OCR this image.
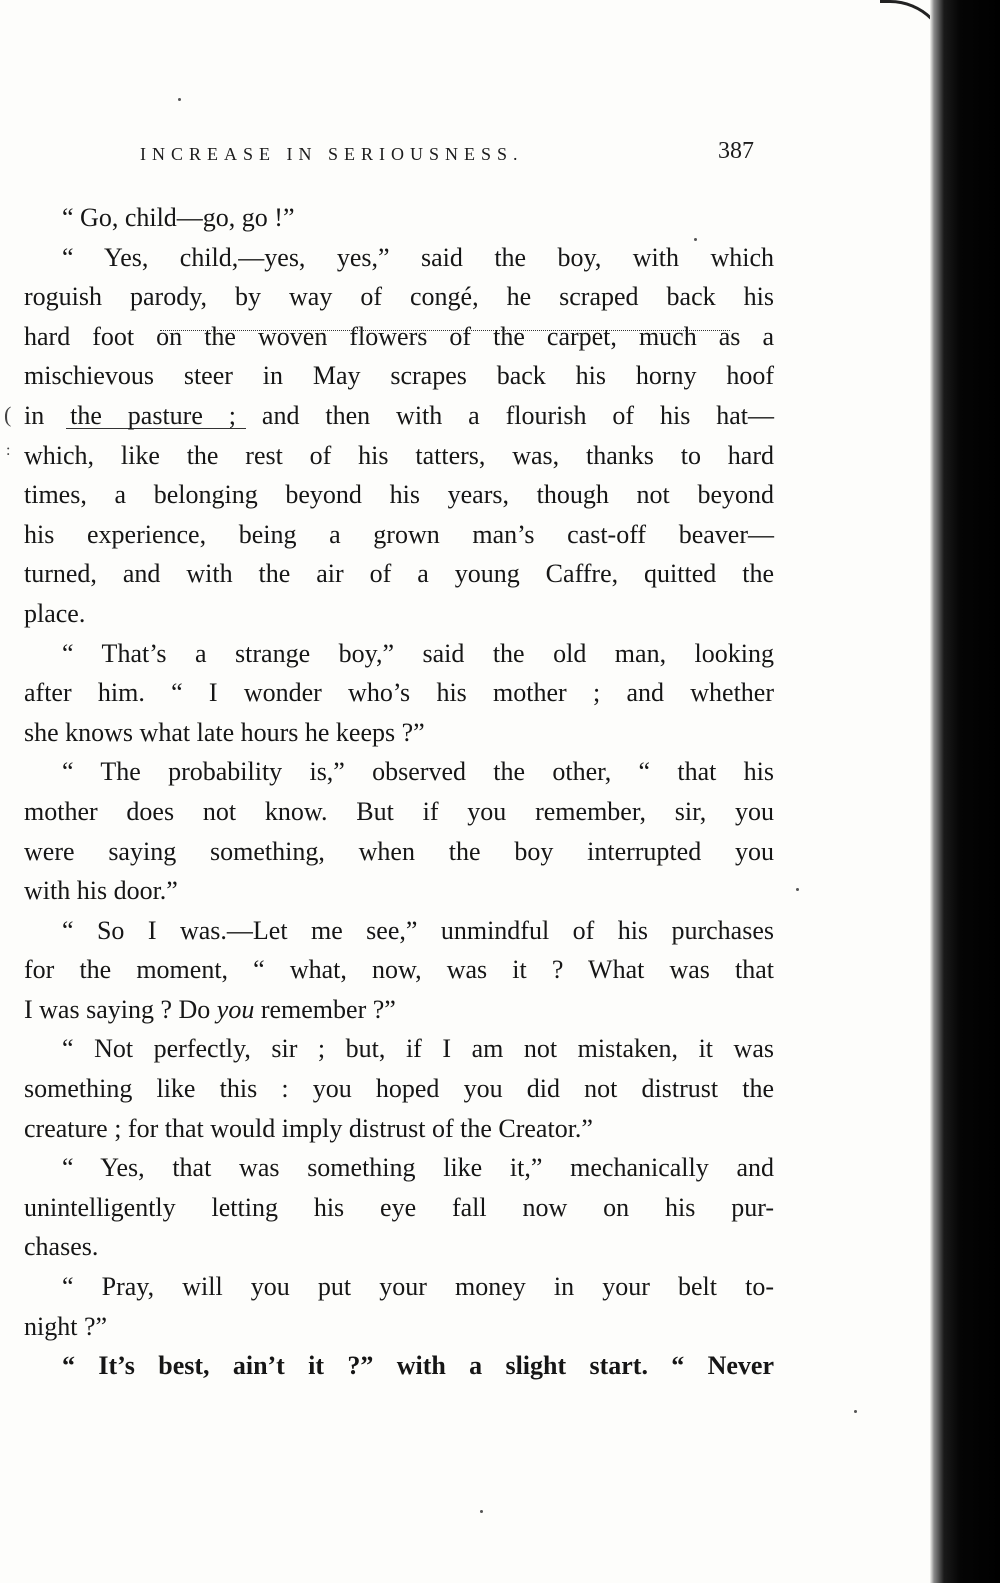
INCREASE IN SERIOUSNESS.	387
(
:
“ Go, child—go, go !”
“ Yes, child,—yes, yes,” said the boy, with which
roguish parody, by way of congé, he scraped back his
hard foot on the woven flowers of the carpet, much as a
mischievous steer in May scrapes back his horny hoof
in the pasture ; and then with a flourish of his hat—
which, like the rest of his tatters, was, thanks to hard
times, a belonging beyond his years, though not beyond
his experience, being a grown man’s cast-off beaver—
turned, and with the air of a young Caffre, quitted the
place.
“ That’s a strange boy,” said the old man, looking
after him. “ I wonder who’s his mother ; and whether
she knows what late hours he keeps ?”
“ The probability is,” observed the other, “ that his
mother does not know. But if you remember, sir, you
were saying something, when the boy interrupted you
with his door.”
“ So I was.—Let me see,” unmindful of his purchases
for the moment, “ what, now, was it ? What was that
I was saying ? Do you remember ?”
“ Not perfectly, sir ; but, if I am not mistaken, it was
something like this : you hoped you did not distrust the
creature ; for that would imply distrust of the Creator.”
“ Yes, that was something like it,” mechanically and
unintelligently letting his eye fall now on his pur-
chases.
“ Pray, will you put your money in your belt to-
night ?”
“ It’s best, ain’t it ?” with a slight start. “ Never
